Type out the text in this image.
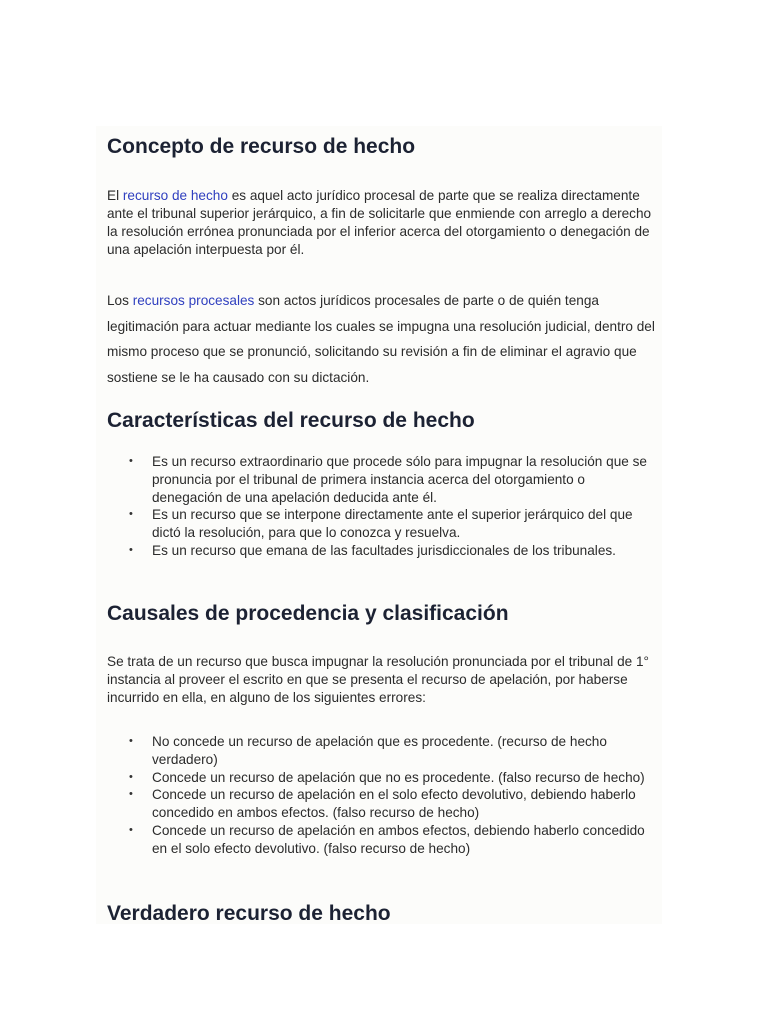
Concepto de recurso de hecho

El recurso de hecho es aquel acto jurídico procesal de parte que se realiza directamente ante el tribunal superior jerárquico, a fin de solicitarle que enmiende con arreglo a derecho la resolución errónea pronunciada por el inferior acerca del otorgamiento o denegación de una apelación interpuesta por él.

Los recursos procesales son actos jurídicos procesales de parte o de quién tenga legitimación para actuar mediante los cuales se impugna una resolución judicial, dentro del mismo proceso que se pronunció, solicitando su revisión a fin de eliminar el agravio que sostiene se le ha causado con su dictación.

Características del recurso de hecho
• Es un recurso extraordinario que procede sólo para impugnar la resolución que se pronuncia por el tribunal de primera instancia acerca del otorgamiento o denegación de una apelación deducida ante él.
• Es un recurso que se interpone directamente ante el superior jerárquico del que dictó la resolución, para que lo conozca y resuelva.
• Es un recurso que emana de las facultades jurisdiccionales de los tribunales.
Causales de procedencia y clasificación

Se trata de un recurso que busca impugnar la resolución pronunciada por el tribunal de 1° instancia al proveer el escrito en que se presenta el recurso de apelación, por haberse incurrido en ella, en alguno de los siguientes errores:

• No concede un recurso de apelación que es procedente. (recurso de hecho verdadero)
• Concede un recurso de apelación que no es procedente. (falso recurso de hecho)
• Concede un recurso de apelación en el solo efecto devolutivo, debiendo haberlo concedido en ambos efectos. (falso recurso de hecho)
• Concede un recurso de apelación en ambos efectos, debiendo haberlo concedido en el solo efecto devolutivo. (falso recurso de hecho)
Verdadero recurso de hecho
